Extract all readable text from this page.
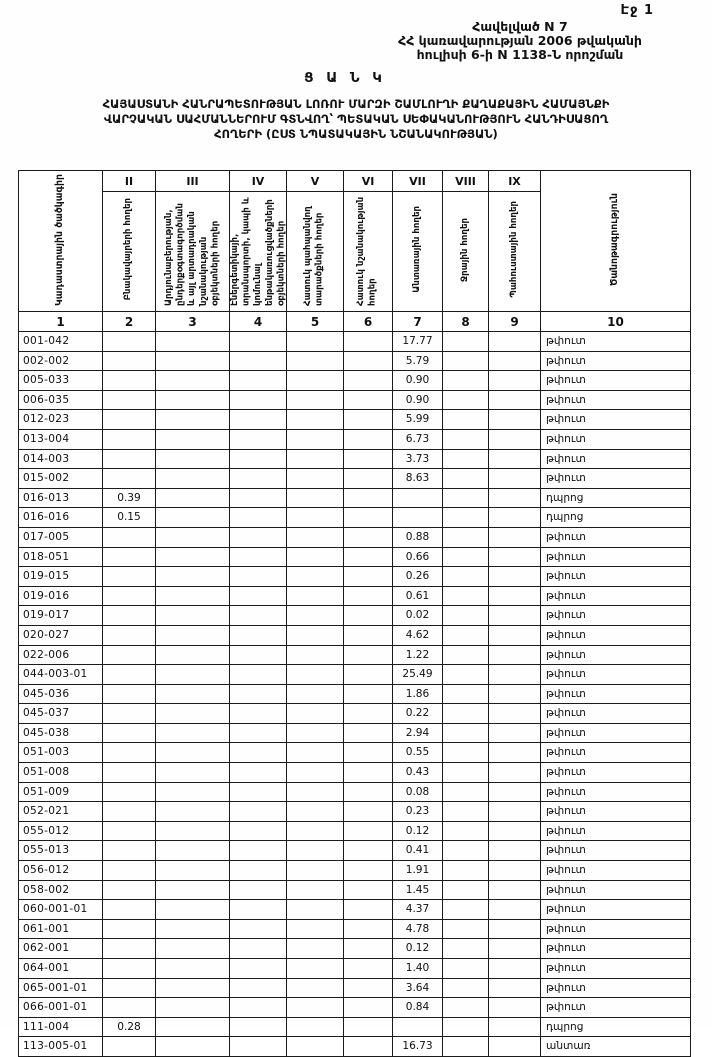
Էջ 1
Հավելված N 7
ՀՀ կառավարության 2006 թվականի
հուլիսի 6-ի N 1138-Ն որոշման
Ց Ա Ն Կ
ՀԱՅԱՍՏԱՆԻ ՀԱՆՐԱՊԵՏՈՒԹՅԱՆ ԼՈՌՈՒ ՄԱՐԶԻ ՇԱՄԼՈՒՂԻ ՔԱՂԱՔԱՅԻՆ ՀԱՄԱՅՆՔԻ
ՎԱՐՉԱԿԱՆ ՍԱՀՄԱՆՆԵՐՈՒՄ ԳՏՆՎՈՂ՝ ՊԵՏԱԿԱՆ ՍԵՓԱԿԱՆՈՒԹՅՈՒՆ ՀԱՆԴԻՍԱՑՈՂ
ՀՈՂԵՐԻ (ԸՍՏ ՆՊԱՏԱԿԱՅԻՆ ՆՇԱՆԱԿՈՒԹՅԱՆ)
Կադաստրային ծածկագիր	II	III	IV	V	VI	VII	VIII	IX	Ծանոթագրություն
	Բնակավայրերի հողեր	Արդյունաբերության, ընդերքօգտագործման և այլ արտադրական նշանակության օբյեկտների հողեր	Էներգետիկայի, տրանսպորտի, կապի և կոմունալ ենթակառուցվածքների օբյեկտների հողեր	Հատուկ պահպանվող տարածքների հողեր	Հատուկ նշանակության հողեր	Անտառային հողեր	Ջրային հողեր	Պահուստային հողեր	
1	2	3	4	5	6	7	8	9	10
001-042						17.77			թփուտ
002-002						5.79			թփուտ
005-033						0.90			թփուտ
006-035						0.90			թփուտ
012-023						5.99			թփուտ
013-004						6.73			թփուտ
014-003						3.73			թփուտ
015-002						8.63			թփուտ
016-013	0.39								դպրոց
016-016	0.15								դպրոց
017-005						0.88			թփուտ
018-051						0.66			թփուտ
019-015						0.26			թփուտ
019-016						0.61			թփուտ
019-017						0.02			թփուտ
020-027						4.62			թփուտ
022-006						1.22			թփուտ
044-003-01						25.49			թփուտ
045-036						1.86			թփուտ
045-037						0.22			թփուտ
045-038						2.94			թփուտ
051-003						0.55			թփուտ
051-008						0.43			թփուտ
051-009						0.08			թփուտ
052-021						0.23			թփուտ
055-012						0.12			թփուտ
055-013						0.41			թփուտ
056-012						1.91			թփուտ
058-002						1.45			թփուտ
060-001-01						4.37			թփուտ
061-001						4.78			թփուտ
062-001						0.12			թփուտ
064-001						1.40			թփուտ
065-001-01						3.64			թփուտ
066-001-01						0.84			թփուտ
111-004	0.28								դպրոց
113-005-01						16.73			անտառ
